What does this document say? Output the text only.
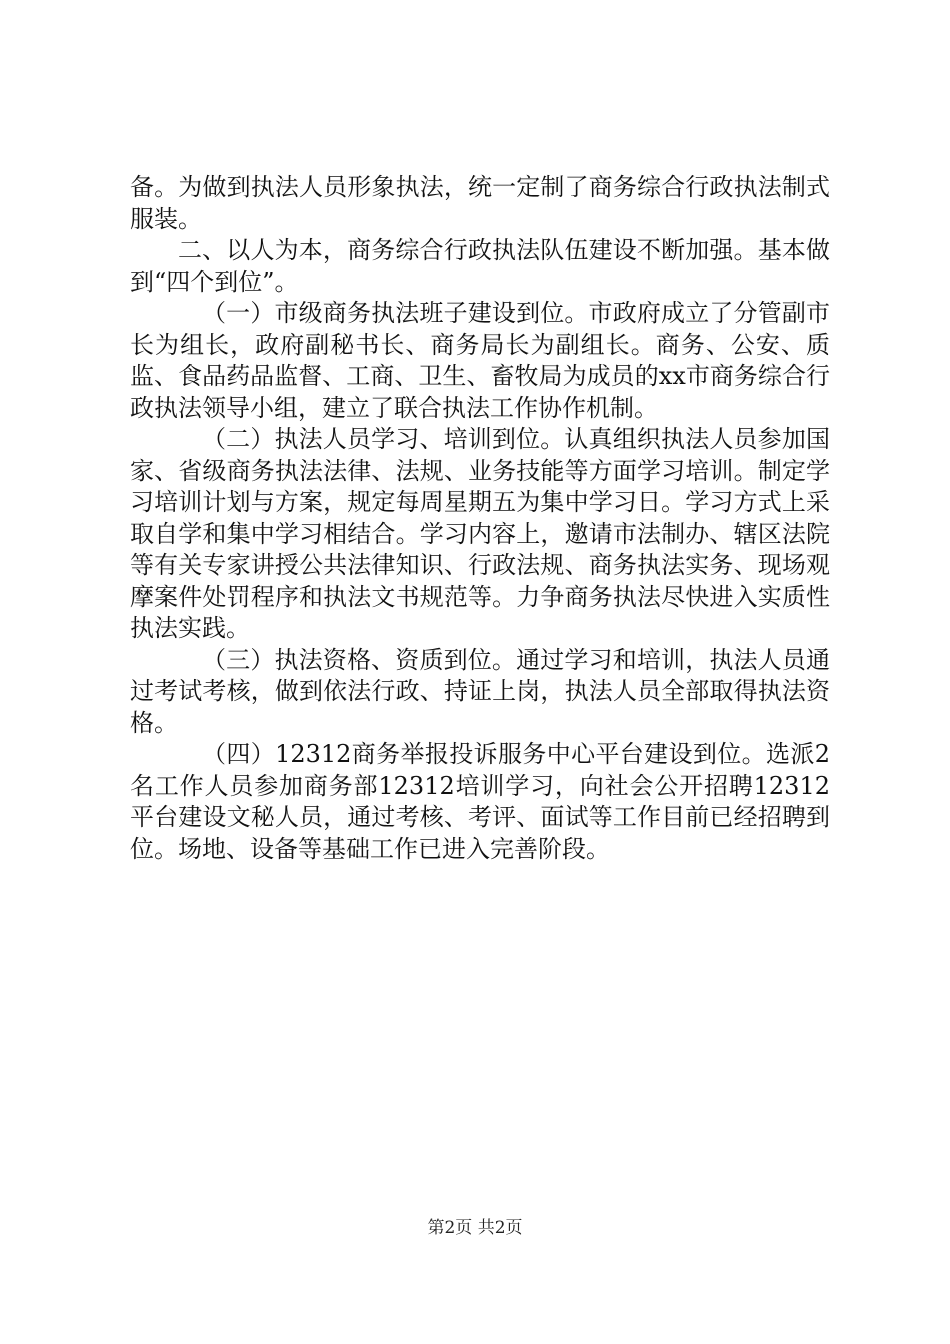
备。为做到执法人员形象执法，统一定制了商务综合行政执法制式服装。

二、以人为本，商务综合行政执法队伍建设不断加强。基本做到“四个到位”。

（一）市级商务执法班子建设到位。市政府成立了分管副市长为组长，政府副秘书长、商务局长为副组长。商务、公安、质监、食品药品监督、工商、卫生、畜牧局为成员的xx市商务综合行政执法领导小组，建立了联合执法工作协作机制。

（二）执法人员学习、培训到位。认真组织执法人员参加国家、省级商务执法法律、法规、业务技能等方面学习培训。制定学习培训计划与方案，规定每周星期五为集中学习日。学习方式上采取自学和集中学习相结合。学习内容上，邀请市法制办、辖区法院等有关专家讲授公共法律知识、行政法规、商务执法实务、现场观摩案件处罚程序和执法文书规范等。力争商务执法尽快进入实质性执法实践。

（三）执法资格、资质到位。通过学习和培训，执法人员通过考试考核，做到依法行政、持证上岗，执法人员全部取得执法资格。

（四）12312商务举报投诉服务中心平台建设到位。选派2名工作人员参加商务部12312培训学习，向社会公开招聘12312平台建设文秘人员，通过考核、考评、面试等工作目前已经招聘到位。场地、设备等基础工作已进入完善阶段。

第2页 共2页
